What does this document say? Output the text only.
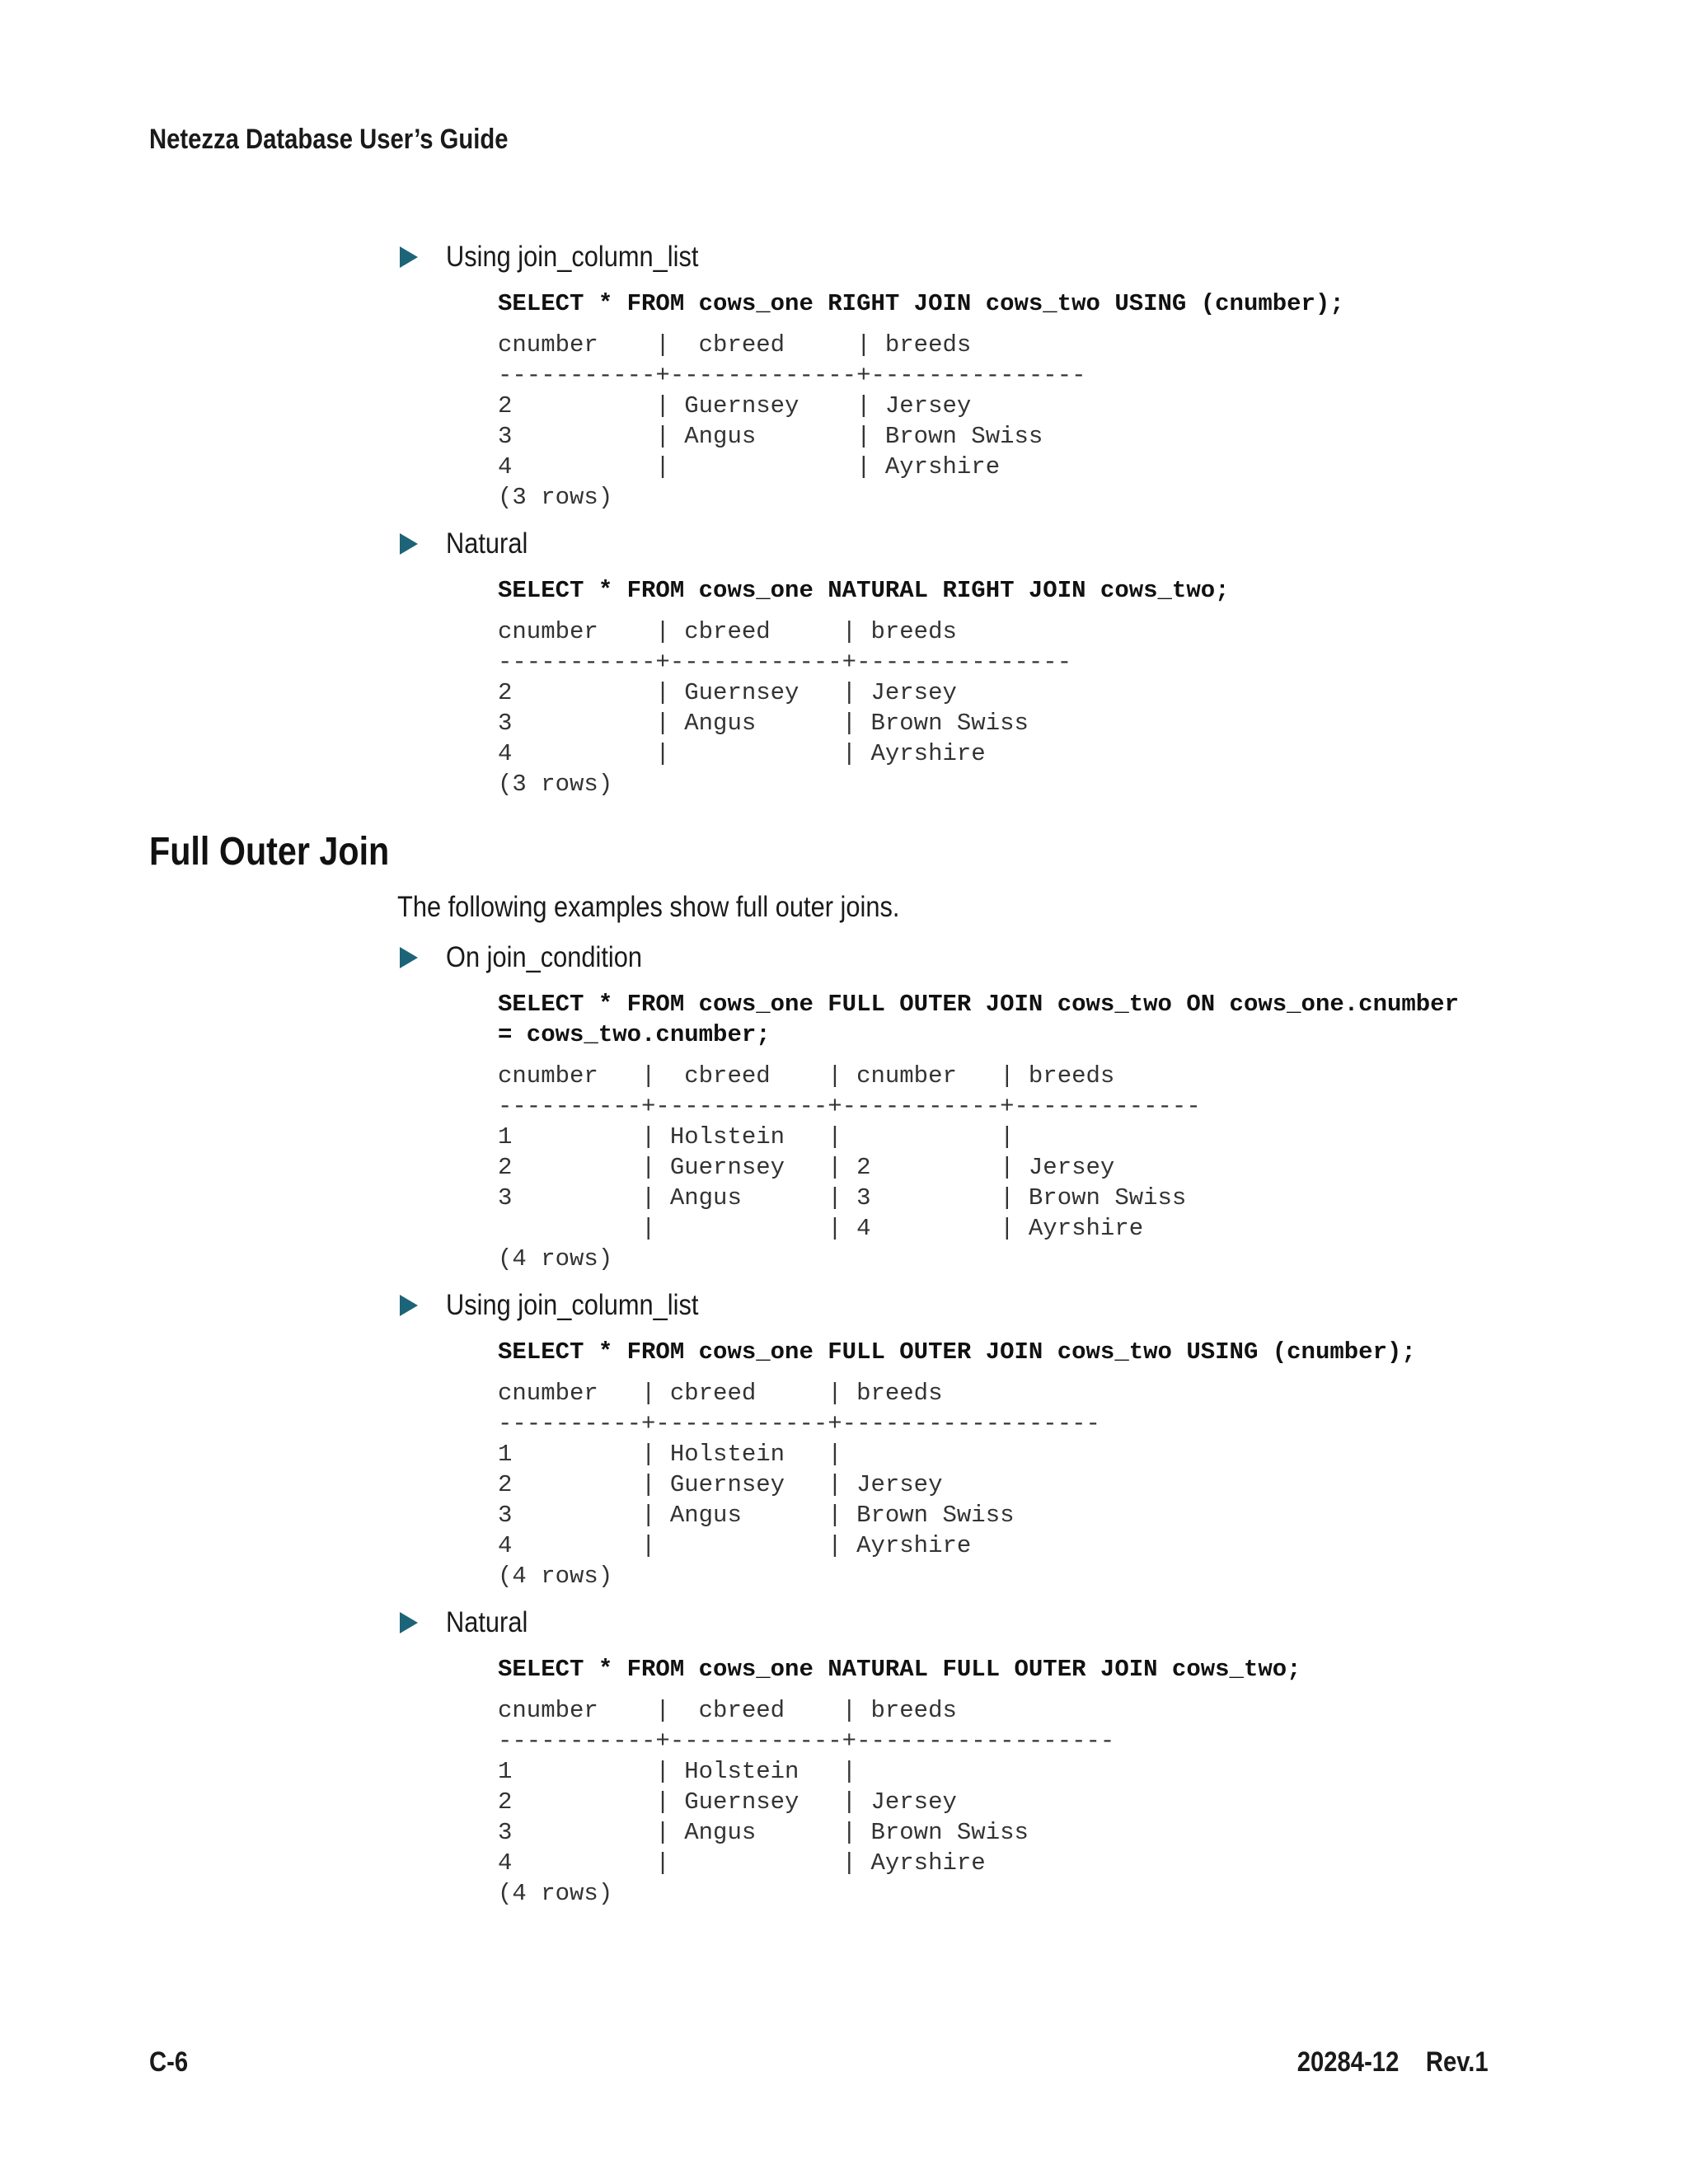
Netezza Database User’s Guide
Using join_column_list
SELECT * FROM cows_one RIGHT JOIN cows_two USING (cnumber);
cnumber    |  cbreed     | breeds
-----------+-------------+---------------
2          | Guernsey    | Jersey
3          | Angus       | Brown Swiss
4          |             | Ayrshire
(3 rows)
Natural
SELECT * FROM cows_one NATURAL RIGHT JOIN cows_two;
cnumber    | cbreed     | breeds
-----------+------------+---------------
2          | Guernsey   | Jersey
3          | Angus      | Brown Swiss
4          |            | Ayrshire
(3 rows)
Full Outer Join
The following examples show full outer joins.
On join_condition
SELECT * FROM cows_one FULL OUTER JOIN cows_two ON cows_one.cnumber
= cows_two.cnumber;
cnumber   |  cbreed    | cnumber   | breeds
----------+------------+-----------+-------------
1         | Holstein   |           |
2         | Guernsey   | 2         | Jersey
3         | Angus      | 3         | Brown Swiss
|            | 4         | Ayrshire
(4 rows)
Using join_column_list
SELECT * FROM cows_one FULL OUTER JOIN cows_two USING (cnumber);
cnumber   | cbreed     | breeds
----------+------------+------------------
1         | Holstein   |
2         | Guernsey   | Jersey
3         | Angus      | Brown Swiss
4         |            | Ayrshire
(4 rows)
Natural
SELECT * FROM cows_one NATURAL FULL OUTER JOIN cows_two;
cnumber    |  cbreed    | breeds
-----------+------------+------------------
1          | Holstein   |
2          | Guernsey   | Jersey
3          | Angus      | Brown Swiss
4          |            | Ayrshire
(4 rows)
C-6	20284-12    Rev.1
